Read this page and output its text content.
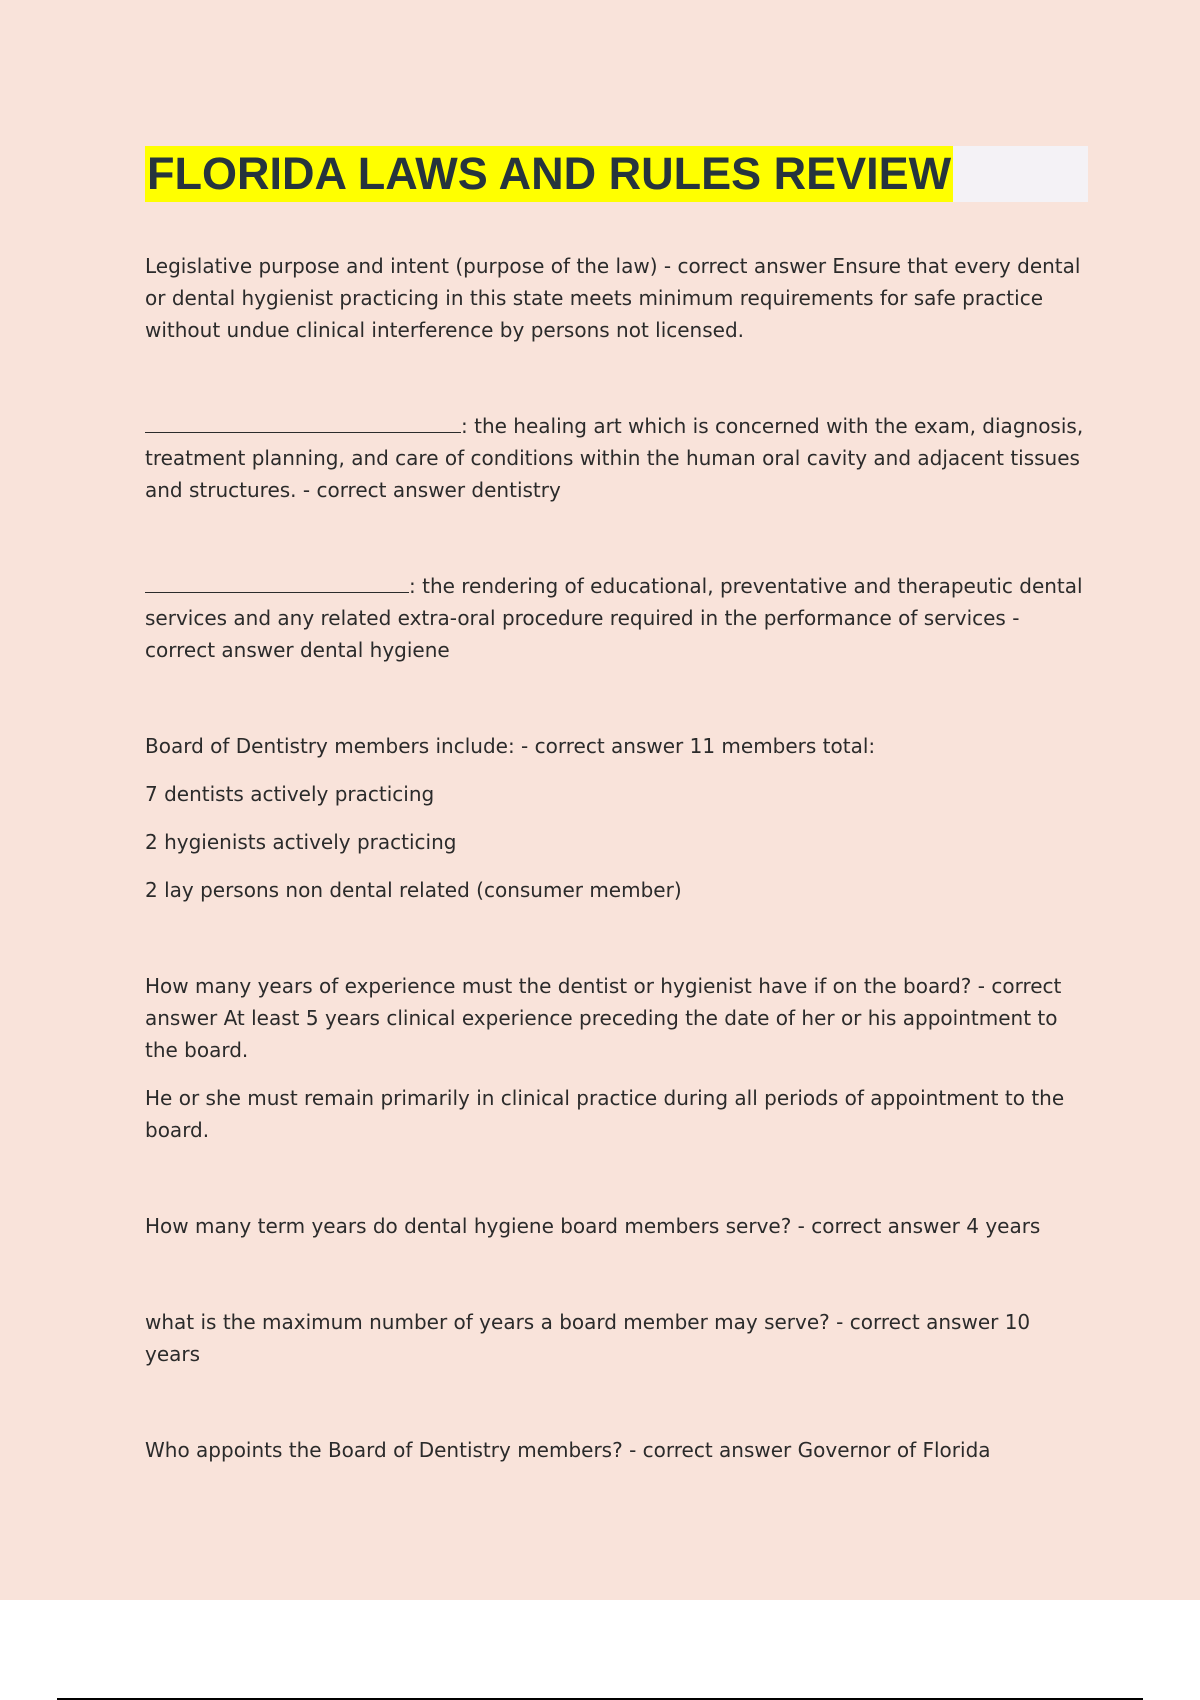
FLORIDA LAWS AND RULES REVIEW

Legislative purpose and intent (purpose of the law) - correct answer Ensure that every dental or dental hygienist practicing in this state meets minimum requirements for safe practice without undue clinical interference by persons not licensed.

: the healing art which is concerned with the exam, diagnosis, treatment planning, and care of conditions within the human oral cavity and adjacent tissues and structures. - correct answer dentistry

: the rendering of educational, preventative and therapeutic dental services and any related extra-oral procedure required in the performance of services - correct answer dental hygiene

Board of Dentistry members include: - correct answer 11 members total:

7 dentists actively practicing

2 hygienists actively practicing

2 lay persons non dental related (consumer member)

How many years of experience must the dentist or hygienist have if on the board? - correct answer At least 5 years clinical experience preceding the date of her or his appointment to the board.

He or she must remain primarily in clinical practice during all periods of appointment to the board.

How many term years do dental hygiene board members serve? - correct answer 4 years

what is the maximum number of years a board member may serve? - correct answer 10 years

Who appoints the Board of Dentistry members? - correct answer Governor of Florida
